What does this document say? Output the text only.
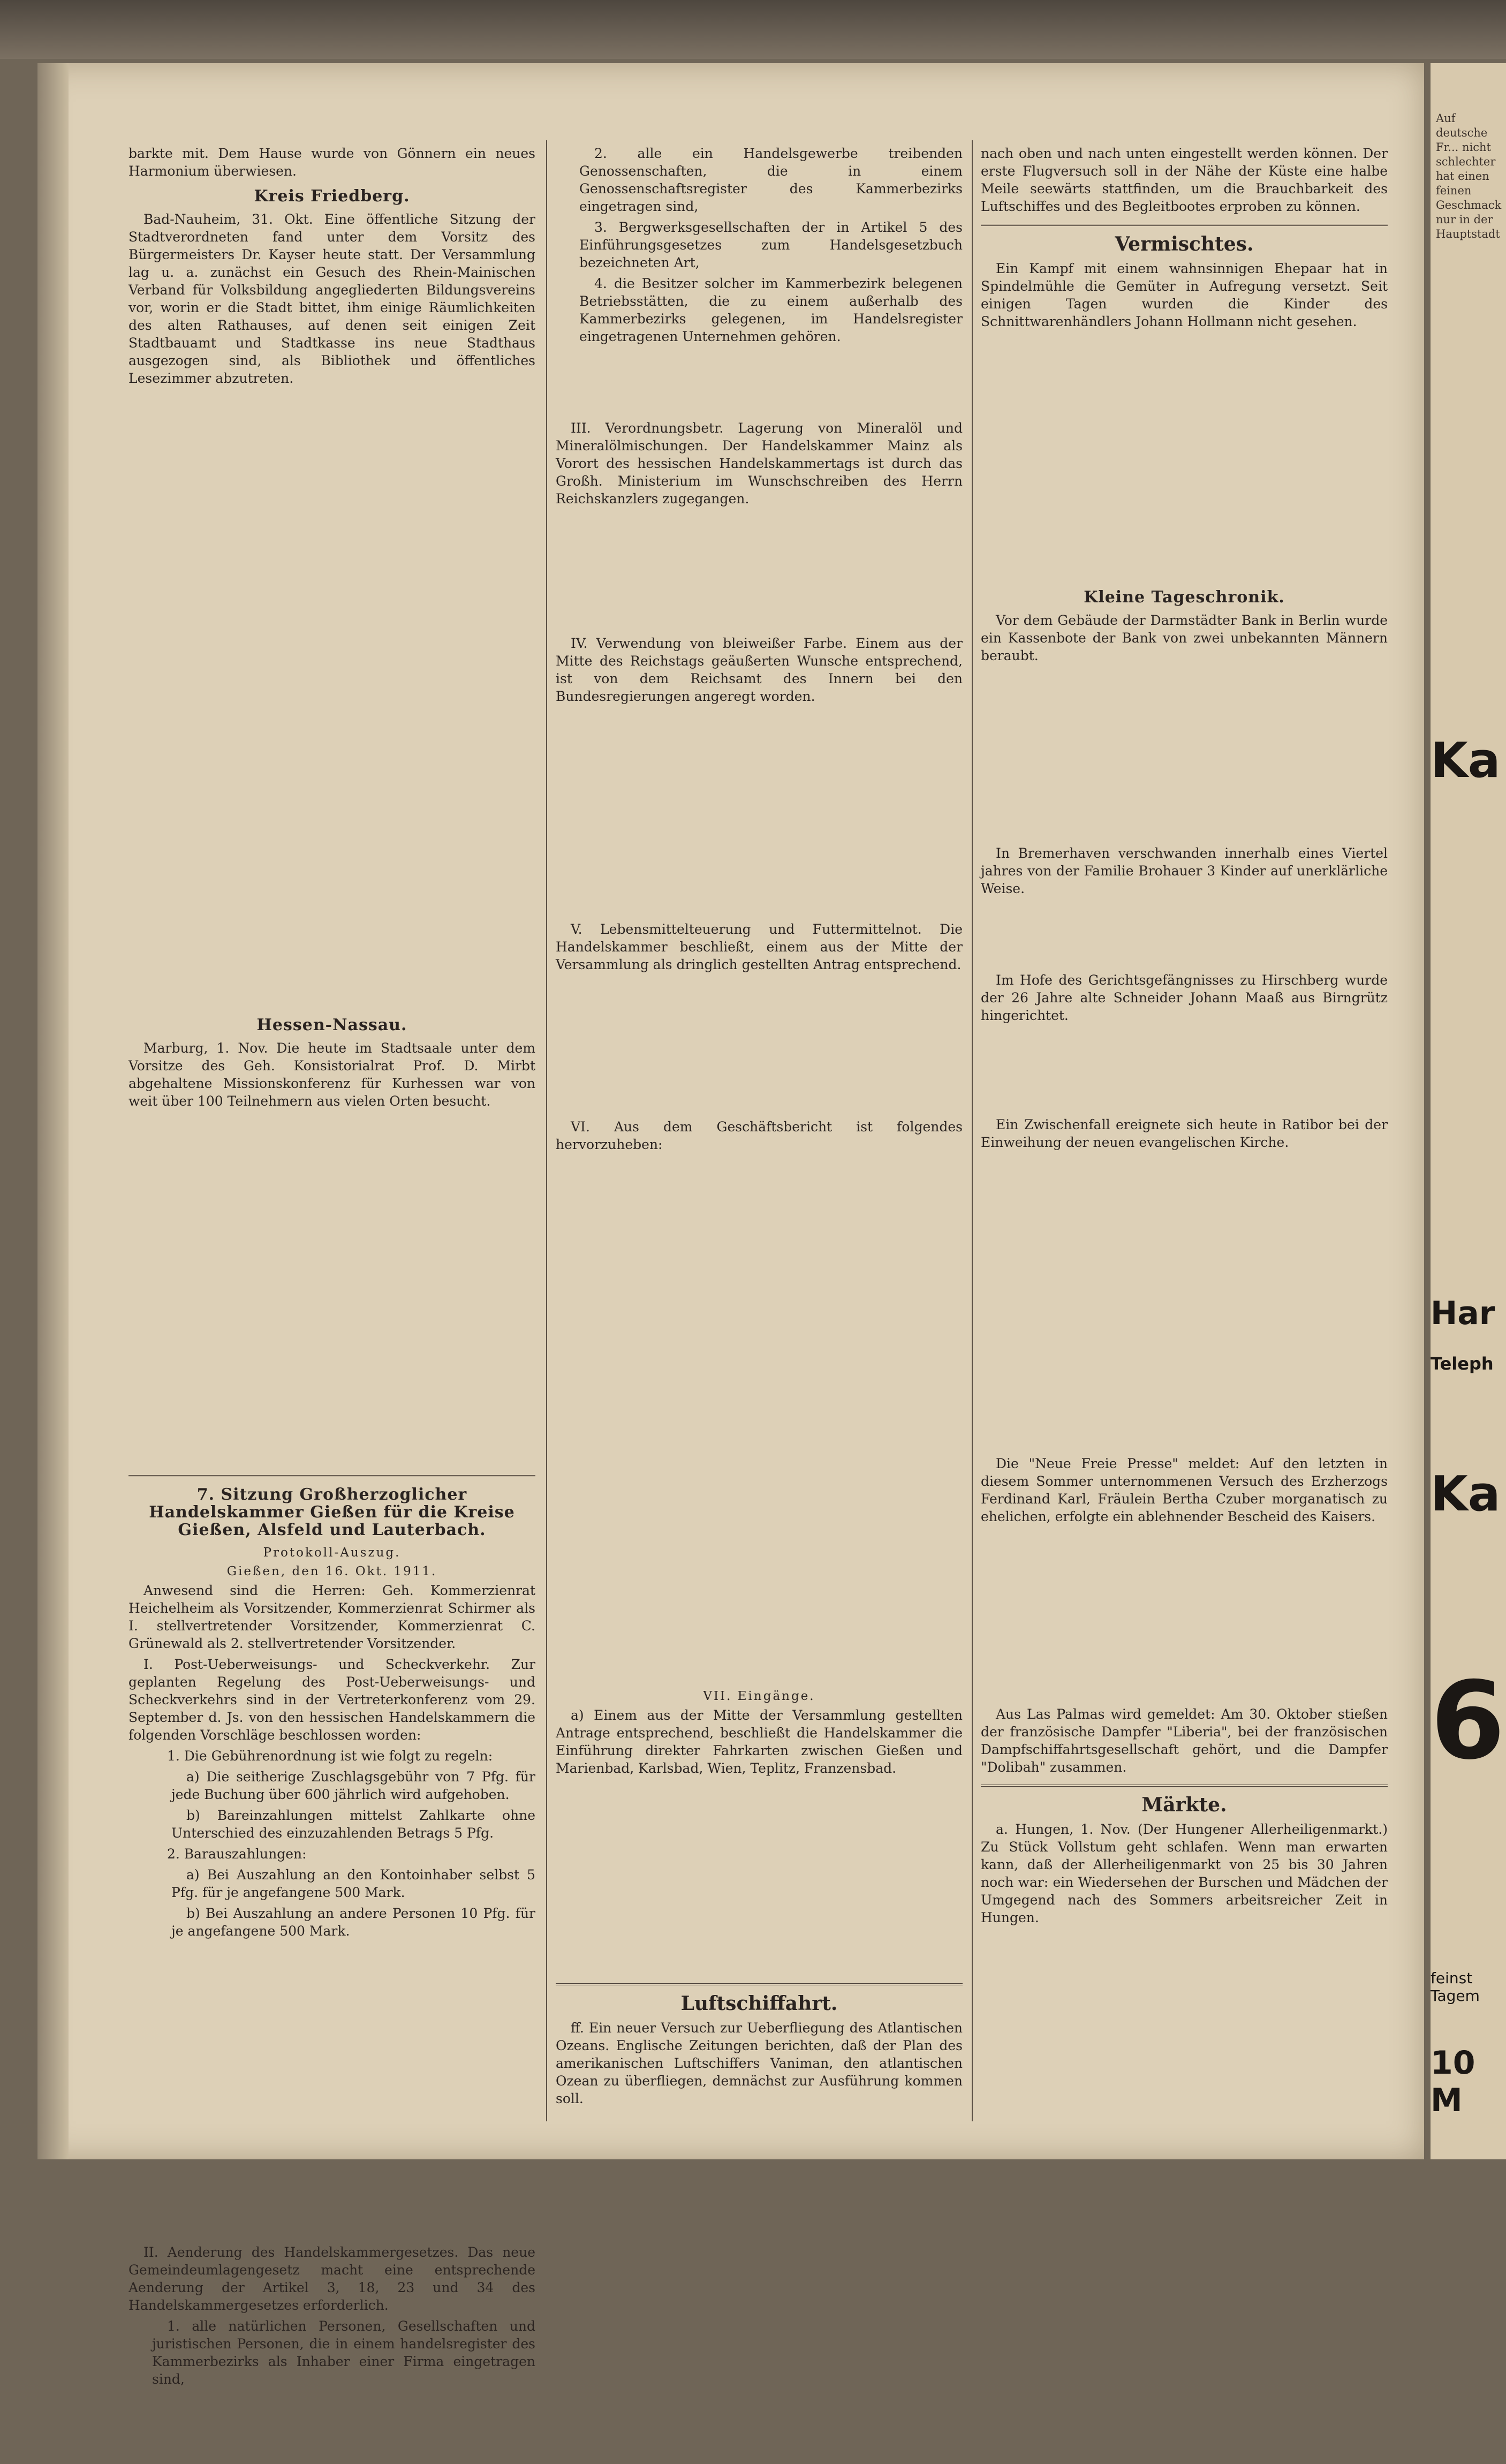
barkte mit. Dem Hause wurde von Gönnern ein neues Harmonium überwiesen.

Kreis Friedberg.

Bad-Nauheim, 31. Okt. Eine öffentliche Sitzung der Stadtverordneten fand unter dem Vorsitz des Bürgermeisters Dr. Kayser heute statt. Der Versammlung lag u. a. zunächst ein Gesuch des Rhein-Mainischen Verband für Volksbildung angegliederten Bildungsvereins vor, worin er die Stadt bittet, ihm einige Räumlichkeiten des alten Rathauses, auf denen seit einigen Zeit Stadtbauamt und Stadtkasse ins neue Stadthaus ausgezogen sind, als Bibliothek und öffentliches Lesezimmer abzutreten.

Hessen-Nassau.

Marburg, 1. Nov. Die heute im Stadtsaale unter dem Vorsitze des Geh. Konsistorialrat Prof. D. Mirbt abgehaltene Missionskonferenz für Kurhessen war von weit über 100 Teilnehmern aus vielen Orten besucht.

7. Sitzung Großherzoglicher Handelskammer Gießen für die Kreise Gießen, Alsfeld und Lauterbach.
Protokoll-Auszug.
Gießen, den 16. Okt. 1911.

Anwesend sind die Herren: Geh. Kommerzienrat Heichelheim als Vorsitzender, Kommerzienrat Schirmer als I. stellvertretender Vorsitzender, Kommerzienrat C. Grünewald als 2. stellvertretender Vorsitzender.

I. Post-Ueberweisungs- und Scheckverkehr. Zur geplanten Regelung des Post-Ueberweisungs- und Scheckverkehrs sind in der Vertreterkonferenz vom 29. September d. Js. von den hessischen Handelskammern die folgenden Vorschläge beschlossen worden:

1. Die Gebührenordnung ist wie folgt zu regeln:

a) Die seitherige Zuschlagsgebühr von 7 Pfg. für jede Buchung über 600 jährlich wird aufgehoben.

b) Bareinzahlungen mittelst Zahlkarte ohne Unterschied des einzuzahlenden Betrags 5 Pfg.

2. Barauszahlungen:

a) Bei Auszahlung an den Kontoinhaber selbst 5 Pfg. für je angefangene 500 Mark.

b) Bei Auszahlung an andere Personen 10 Pfg. für je angefangene 500 Mark.

II. Aenderung des Handelskammergesetzes. Das neue Gemeindeumlagengesetz macht eine entsprechende Aenderung der Artikel 3, 18, 23 und 34 des Handelskammergesetzes erforderlich.

1. alle natürlichen Personen, Gesellschaften und juristischen Personen, die in einem handelsregister des Kammerbezirks als Inhaber einer Firma eingetragen sind,

2. alle ein Handelsgewerbe treibenden Genossenschaften, die in einem Genossenschaftsregister des Kammerbezirks eingetragen sind,

3. Bergwerksgesellschaften der in Artikel 5 des Einführungsgesetzes zum Handelsgesetzbuch bezeichneten Art,

4. die Besitzer solcher im Kammerbezirk belegenen Betriebsstätten, die zu einem außerhalb des Kammerbezirks gelegenen, im Handelsregister eingetragenen Unternehmen gehören.

III. Verordnungsbetr. Lagerung von Mineralöl und Mineralölmischungen. Der Handelskammer Mainz als Vorort des hessischen Handelskammertags ist durch das Großh. Ministerium im Wunschschreiben des Herrn Reichskanzlers zugegangen.

IV. Verwendung von bleiweißer Farbe. Einem aus der Mitte des Reichstags geäußerten Wunsche entsprechend, ist von dem Reichsamt des Innern bei den Bundesregierungen angeregt worden.

V. Lebensmittelteuerung und Futtermittelnot. Die Handelskammer beschließt, einem aus der Mitte der Versammlung als dringlich gestellten Antrag entsprechend.

VI. Aus dem Geschäftsbericht ist folgendes hervorzuheben:

VII. Eingänge.

a) Einem aus der Mitte der Versammlung gestellten Antrage entsprechend, beschließt die Handelskammer die Einführung direkter Fahrkarten zwischen Gießen und Marienbad, Karlsbad, Wien, Teplitz, Franzensbad.

Luftschiffahrt.

ff. Ein neuer Versuch zur Ueberfliegung des Atlantischen Ozeans. Englische Zeitungen berichten, daß der Plan des amerikanischen Luftschiffers Vaniman, den atlantischen Ozean zu überfliegen, demnächst zur Ausführung kommen soll.

nach oben und nach unten eingestellt werden können. Der erste Flugversuch soll in der Nähe der Küste eine halbe Meile seewärts stattfinden, um die Brauchbarkeit des Luftschiffes und des Begleitbootes erproben zu können.

Vermischtes.

Ein Kampf mit einem wahnsinnigen Ehepaar hat in Spindelmühle die Gemüter in Aufregung versetzt. Seit einigen Tagen wurden die Kinder des Schnittwarenhändlers Johann Hollmann nicht gesehen.

Kleine Tageschronik.

Vor dem Gebäude der Darmstädter Bank in Berlin wurde ein Kassenbote der Bank von zwei unbekannten Männern beraubt.

In Bremerhaven verschwanden innerhalb eines Viertel jahres von der Familie Brohauer 3 Kinder auf unerklärliche Weise.

Im Hofe des Gerichtsgefängnisses zu Hirschberg wurde der 26 Jahre alte Schneider Johann Maaß aus Birngrütz hingerichtet.

Ein Zwischenfall ereignete sich heute in Ratibor bei der Einweihung der neuen evangelischen Kirche.

Die "Neue Freie Presse" meldet: Auf den letzten in diesem Sommer unternommenen Versuch des Erzherzogs Ferdinand Karl, Fräulein Bertha Czuber morganatisch zu ehelichen, erfolgte ein ablehnender Bescheid des Kaisers.

Aus Las Palmas wird gemeldet: Am 30. Oktober stießen der französische Dampfer "Liberia", bei der französischen Dampfschiffahrtsgesellschaft gehört, und die Dampfer "Dolibah" zusammen.

Märkte.

a. Hungen, 1. Nov. (Der Hungener Allerheiligenmarkt.) Zu Stück Vollstum geht schlafen. Wenn man erwarten kann, daß der Allerheiligenmarkt von 25 bis 30 Jahren noch war: ein Wiedersehen der Burschen und Mädchen der Umgegend nach des Sommers arbeitsreicher Zeit in Hungen.

Auf deutsche Fr... nicht schlechter hat einen feinen Geschmack nur in der Hauptstadt
Ka
Har
Teleph
Ka
6
feinst Tagem
10 M
